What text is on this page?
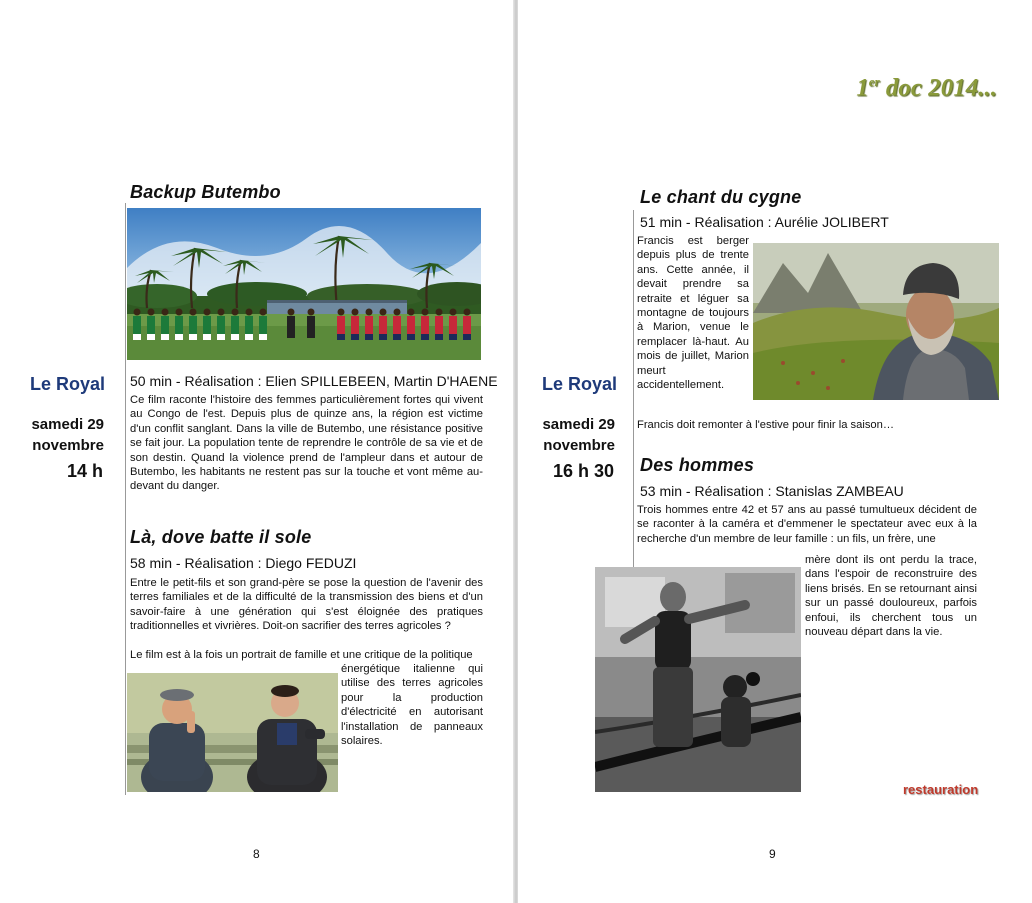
Backup Butembo
Le Royal
samedi 29
novembre
14 h
50 min - Réalisation : Elien SPILLEBEEN, Martin D'HAENE
Ce film raconte l'histoire des femmes particulièrement fortes qui vivent au Congo de l'est. Depuis plus de quinze ans, la région est victime d'un conflit sanglant. Dans la ville de Butembo, une résistance positive se fait jour. La population tente de reprendre le contrôle de sa vie et de son destin. Quand la violence prend de l'ampleur dans et autour de Butembo, les habitants ne restent pas sur la touche et vont même au-devant du danger.
Là, dove batte il sole
58 min - Réalisation : Diego FEDUZI
Entre le petit-fils et son grand-père se pose la question de l'avenir des terres familiales et de la difficulté de la transmission des biens et d'un savoir-faire à une génération qui s'est éloignée des pratiques traditionnelles et vivrières. Doit-on sacrifier des terres agricoles ?
Le film est à la fois un portrait de famille et une critique de la politique
énergétique italienne qui utilise des terres agricoles pour la production d'électricité en autorisant l'installation de panneaux solaires.
8
1er doc 2014...
Le chant du cygne
51 min - Réalisation : Aurélie JOLIBERT
Francis est berger depuis plus de trente ans. Cette année, il devait prendre sa retraite et léguer sa montagne de toujours à Marion, venue le remplacer là-haut. Au mois de juillet, Marion meurt accidentellement.
Francis doit remonter à l'estive pour finir la saison…
Le Royal
samedi 29
novembre
16 h 30 Des hommes
53 min - Réalisation : Stanislas ZAMBEAU
Trois hommes entre 42 et 57 ans au passé tumultueux décident de se raconter à la caméra et d'emmener le spectateur avec eux à la recherche d'un membre de leur famille : un fils, un frère, une
mère dont ils ont perdu la trace, dans l'espoir de reconstruire des liens brisés. En se retournant ainsi sur un passé douloureux, parfois enfoui, ils cherchent tous un nouveau départ dans la vie.
restauration
9
